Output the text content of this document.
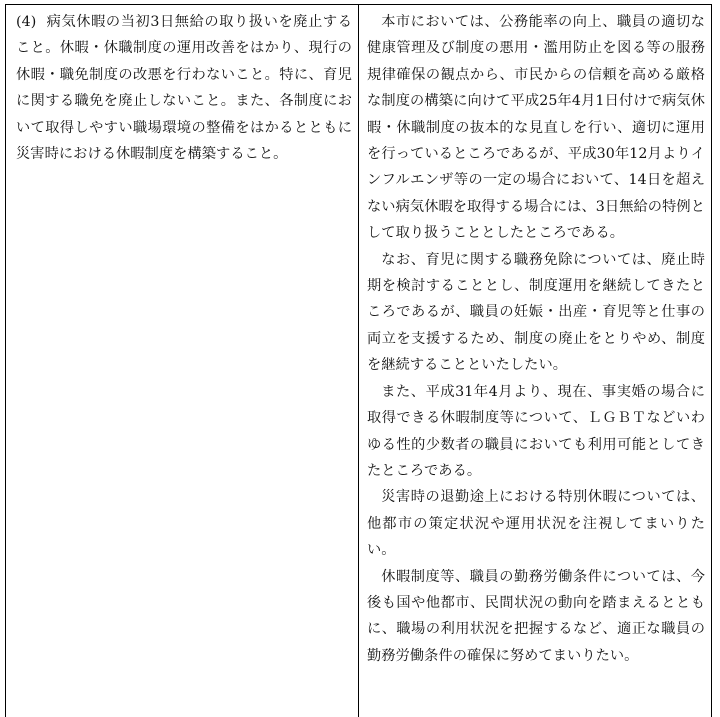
(4) 病気休暇の当初3日無給の取り扱いを廃止すること。休暇・休職制度の運用改善をはかり、現行の休暇・職免制度の改悪を行わないこと。特に、育児に関する職免を廃止しないこと。また、各制度において取得しやすい職場環境の整備をはかるとともに災害時における休暇制度を構築すること。

本市においては、公務能率の向上、職員の適切な健康管理及び制度の悪用・濫用防止を図る等の服務規律確保の観点から、市民からの信頼を高める厳格な制度の構築に向けて平成25年4月1日付けで病気休暇・休職制度の抜本的な見直しを行い、適切に運用を行っているところであるが、平成30年12月よりインフルエンザ等の一定の場合において、14日を超えない病気休暇を取得する場合には、3日無給の特例として取り扱うこととしたところである。

なお、育児に関する職務免除については、廃止時期を検討することとし、制度運用を継続してきたところであるが、職員の妊娠・出産・育児等と仕事の両立を支援するため、制度の廃止をとりやめ、制度を継続することといたしたい。

また、平成31年4月より、現在、事実婚の場合に取得できる休暇制度等について、ＬＧＢＴなどいわゆる性的少数者の職員においても利用可能としてきたところである。

災害時の退勤途上における特別休暇については、他都市の策定状況や運用状況を注視してまいりたい。

休暇制度等、職員の勤務労働条件については、今後も国や他都市、民間状況の動向を踏まえるとともに、職場の利用状況を把握するなど、適正な職員の勤務労働条件の確保に努めてまいりたい。
